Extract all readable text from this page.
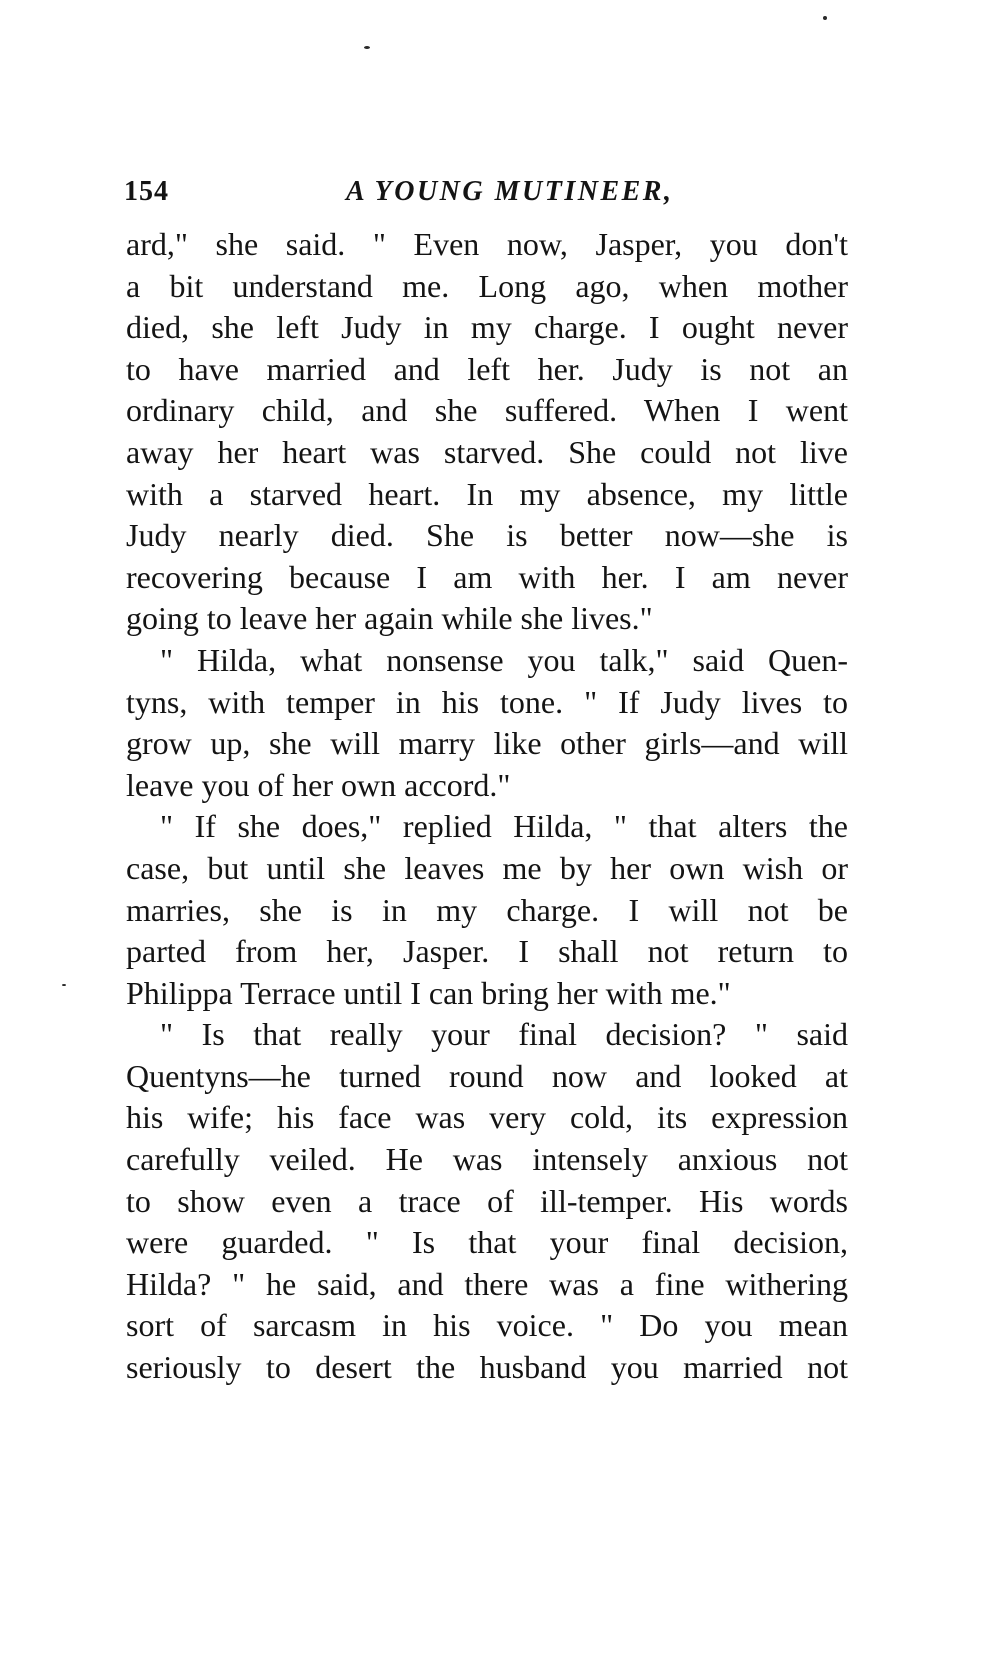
154	A YOUNG MUTINEER,
ard," she said. " Even now, Jasper, you don't
a bit understand me. Long ago, when mother
died, she left Judy in my charge. I ought never
to have married and left her. Judy is not an
ordinary child, and she suffered. When I went
away her heart was starved. She could not live
with a starved heart. In my absence, my little
Judy nearly died. She is better now—she is
recovering because I am with her. I am never
going to leave her again while she lives."
" Hilda, what nonsense you talk," said Quen-
tyns, with temper in his tone. " If Judy lives to
grow up, she will marry like other girls—and will
leave you of her own accord."
" If she does," replied Hilda, " that alters the
case, but until she leaves me by her own wish or
marries, she is in my charge. I will not be
parted from her, Jasper. I shall not return to
Philippa Terrace until I can bring her with me."
" Is that really your final decision? " said
Quentyns—he turned round now and looked at
his wife; his face was very cold, its expression
carefully veiled. He was intensely anxious not
to show even a trace of ill-temper. His words
were guarded. " Is that your final decision,
Hilda? " he said, and there was a fine withering
sort of sarcasm in his voice. " Do you mean
seriously to desert the husband you married not
